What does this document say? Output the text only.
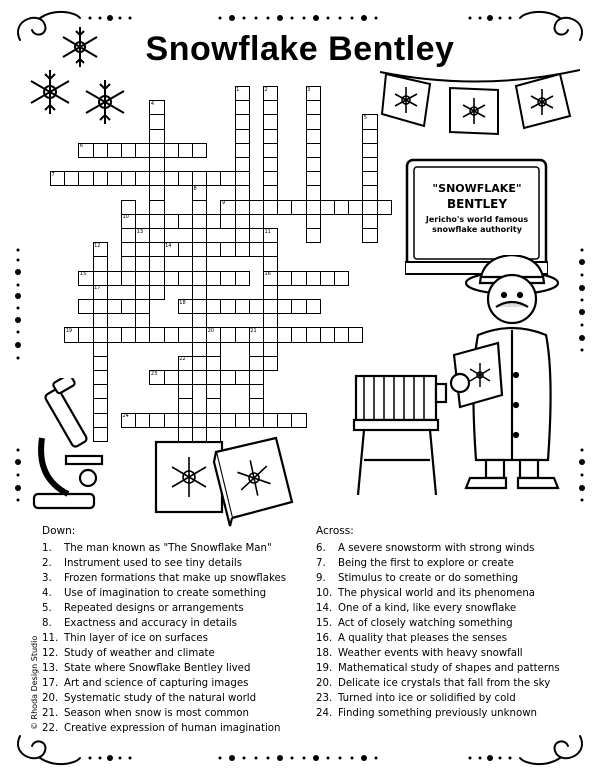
Snowflake Bentley
"SNOWFLAKE"
BENTLEY
Jericho's world famous
snowflake authority
1	2	3
4
5
6
7
8
9
10
11
12
13
14
15	16
17
18
19	20	21
22
23
24
Down:
1. The man known as "The Snowflake Man"
2. Instrument used to see tiny details
3. Frozen formations that make up snowflakes
4. Use of imagination to create something
5. Repeated designs or arrangements
8. Exactness and accuracy in details
11. Thin layer of ice on surfaces
12. Study of weather and climate
13. State where Snowflake Bentley lived
17. Art and science of capturing images
20. Systematic study of the natural world
21. Season when snow is most common
22. Creative expression of human imagination
Across:
6. A severe snowstorm with strong winds
7. Being the first to explore or create
9. Stimulus to create or do something
10. The physical world and its phenomena
14. One of a kind, like every snowflake
15. Act of closely watching something
16. A quality that pleases the senses
18. Weather events with heavy snowfall
19. Mathematical study of shapes and patterns
20. Delicate ice crystals that fall from the sky
23. Turned into ice or solidified by cold
24. Finding something previously unknown
© Rhoda Design Studio
